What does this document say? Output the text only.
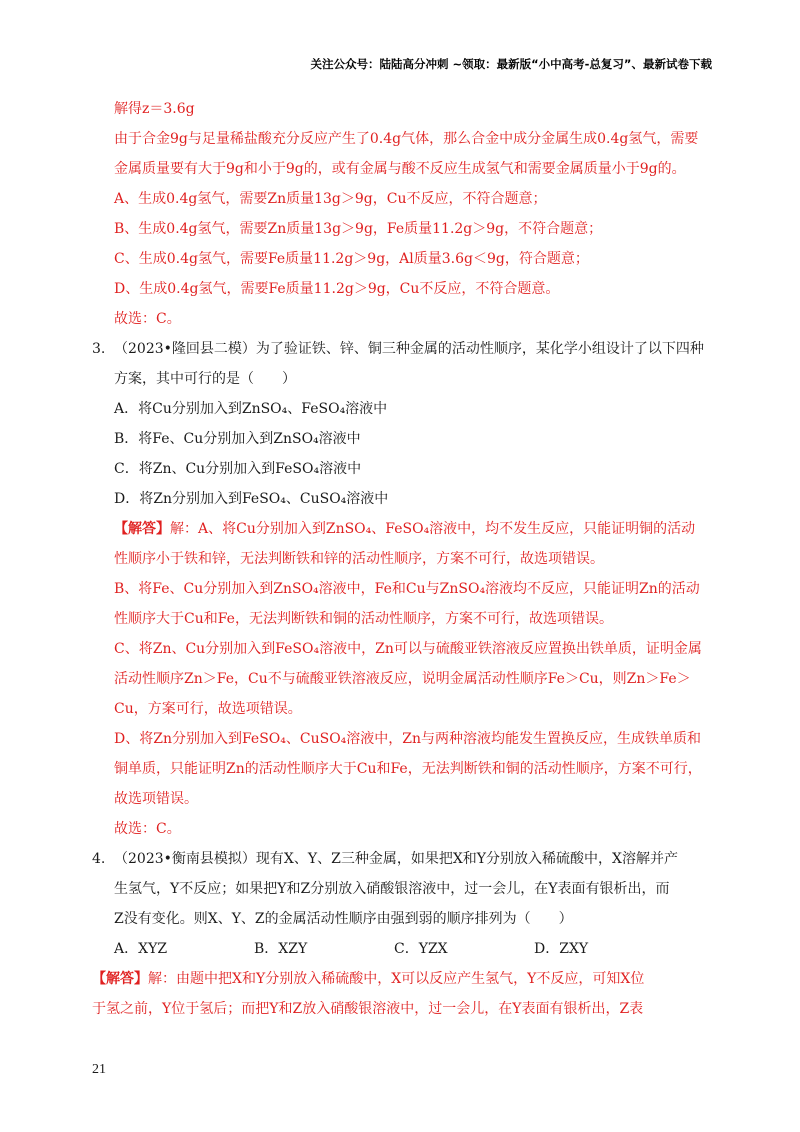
关注公众号：陆陆高分冲刺 ~领取：最新版“小中高考-总复习”、最新试卷下载
解得z＝3.6g
由于合金9g与足量稀盐酸充分反应产生了0.4g气体，那么合金中成分金属生成0.4g氢气，需要
金属质量要有大于9g和小于9g的，或有金属与酸不反应生成氢气和需要金属质量小于9g的。
A、生成0.4g氢气，需要Zn质量13g＞9g，Cu不反应，不符合题意；
B、生成0.4g氢气，需要Zn质量13g＞9g，Fe质量11.2g＞9g，不符合题意；
C、生成0.4g氢气，需要Fe质量11.2g＞9g，Al质量3.6g＜9g，符合题意；
D、生成0.4g氢气，需要Fe质量11.2g＞9g，Cu不反应，不符合题意。
故选：C。
3. （2023•隆回县二模）为了验证铁、锌、铜三种金属的活动性顺序，某化学小组设计了以下四种
方案，其中可行的是（　　）
A．将Cu分别加入到ZnSO₄、FeSO₄溶液中
B．将Fe、Cu分别加入到ZnSO₄溶液中
C．将Zn、Cu分别加入到FeSO₄溶液中
D．将Zn分别加入到FeSO₄、CuSO₄溶液中
【解答】解：A、将Cu分别加入到ZnSO₄、FeSO₄溶液中，均不发生反应，只能证明铜的活动
性顺序小于铁和锌，无法判断铁和锌的活动性顺序，方案不可行，故选项错误。
B、将Fe、Cu分别加入到ZnSO₄溶液中，Fe和Cu与ZnSO₄溶液均不反应，只能证明Zn的活动
性顺序大于Cu和Fe，无法判断铁和铜的活动性顺序，方案不可行，故选项错误。
C、将Zn、Cu分别加入到FeSO₄溶液中，Zn可以与硫酸亚铁溶液反应置换出铁单质，证明金属
活动性顺序Zn＞Fe，Cu不与硫酸亚铁溶液反应，说明金属活动性顺序Fe＞Cu，则Zn＞Fe＞
Cu，方案可行，故选项错误。
D、将Zn分别加入到FeSO₄、CuSO₄溶液中，Zn与两种溶液均能发生置换反应，生成铁单质和
铜单质，只能证明Zn的活动性顺序大于Cu和Fe，无法判断铁和铜的活动性顺序，方案不可行，
故选项错误。
故选：C。
4. （2023•衡南县模拟）现有X、Y、Z三种金属，如果把X和Y分别放入稀硫酸中，X溶解并产
生氢气，Y不反应；如果把Y和Z分别放入硝酸银溶液中，过一会儿，在Y表面有银析出，而
Z没有变化。则X、Y、Z的金属活动性顺序由强到弱的顺序排列为（　　）
A．XYZ	B．XZY	C．YZX	D．ZXY
【解答】解：由题中把X和Y分别放入稀硫酸中，X可以反应产生氢气，Y不反应，可知X位
于氢之前，Y位于氢后；而把Y和Z放入硝酸银溶液中，过一会儿，在Y表面有银析出，Z表
21
